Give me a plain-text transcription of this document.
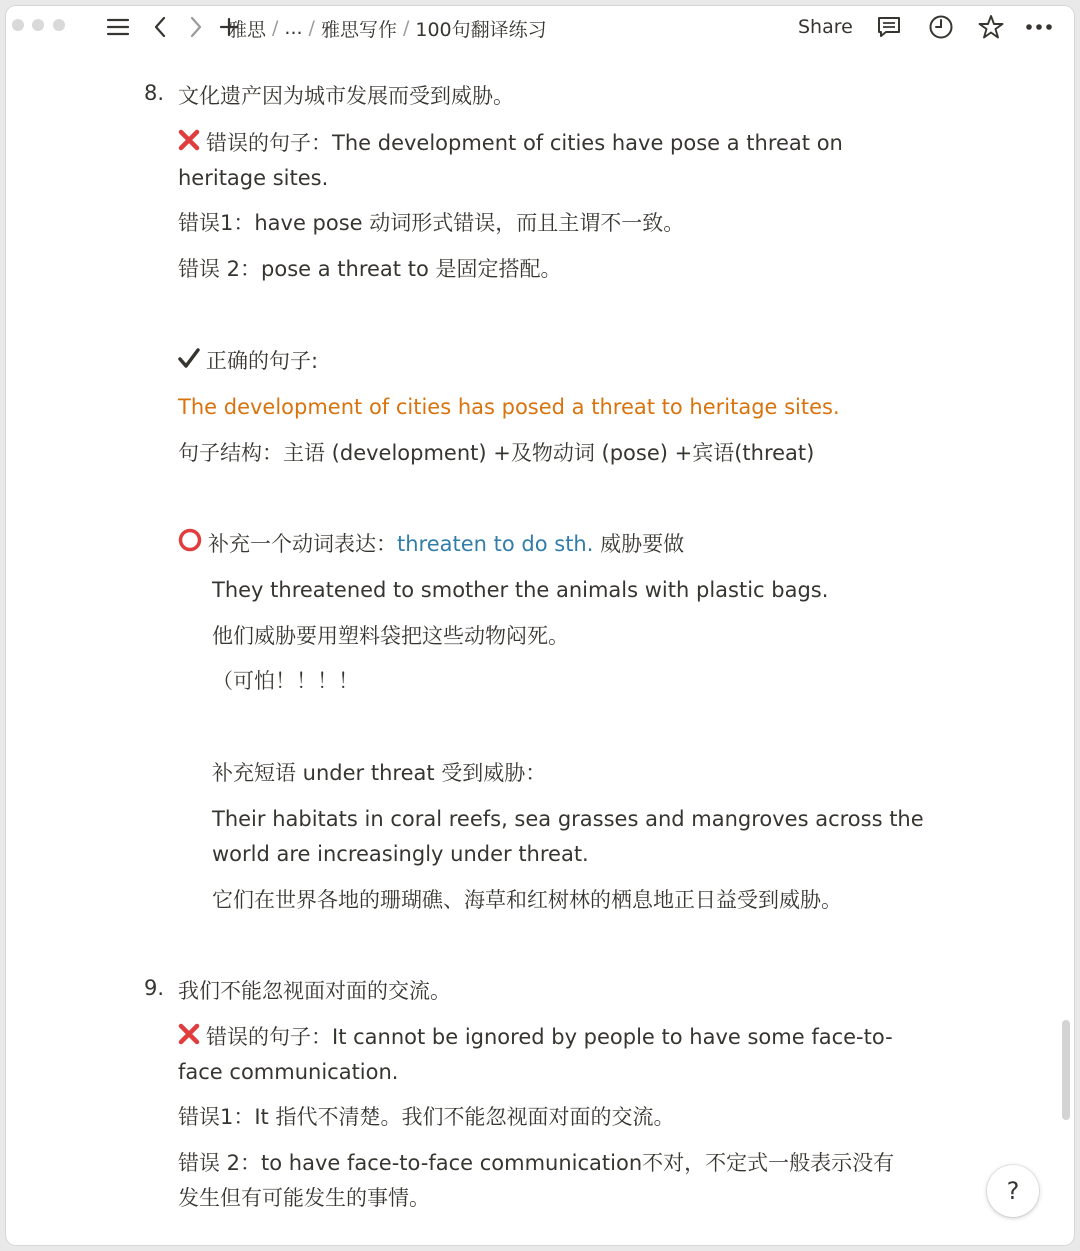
雅思 / ... / 雅思写作 / 100句翻译练习	Share
8. 文化遗产因为城市发展而受到威胁。
错误的句子：The development of cities have pose a threat on
heritage sites.
错误1：have pose 动词形式错误，而且主谓不一致。
错误 2：pose a threat to 是固定搭配。
正确的句子:
The development of cities has posed a threat to heritage sites.
句子结构：主语 (development) +及物动词 (pose) +宾语(threat)
补充一个动词表达：threaten to do sth. 威胁要做
They threatened to smother the animals with plastic bags.
他们威胁要用塑料袋把这些动物闷死。
（可怕！！！！
补充短语 under threat 受到威胁：
Their habitats in coral reefs, sea grasses and mangroves across the
world are increasingly under threat.
它们在世界各地的珊瑚礁、海草和红树林的栖息地正日益受到威胁。
9. 我们不能忽视面对面的交流。
错误的句子：It cannot be ignored by people to have some face-to-
face communication.
错误1：It 指代不清楚。我们不能忽视面对面的交流。
错误 2：to have face-to-face communication不对，不定式一般表示没有
发生但有可能发生的事情。	?
